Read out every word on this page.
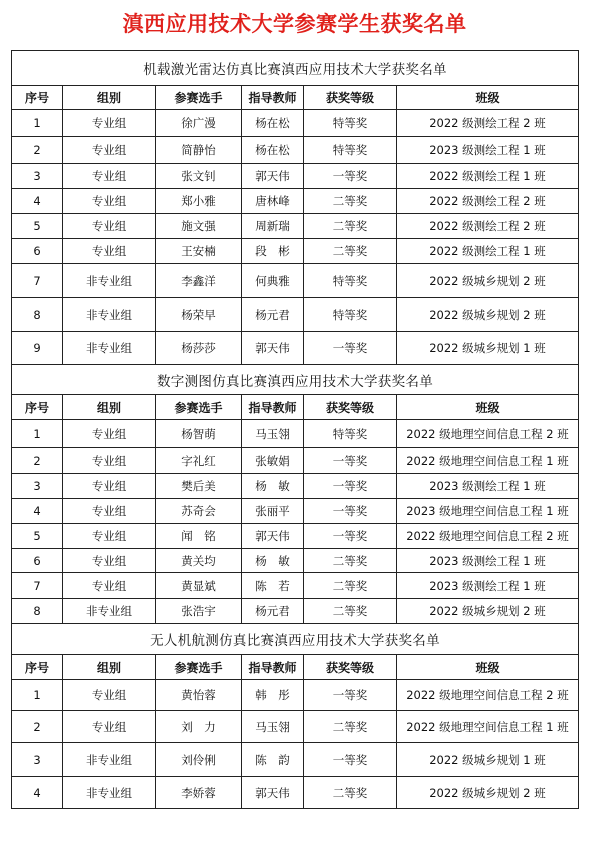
滇西应用技术大学参赛学生获奖名单
机载激光雷达仿真比赛滇西应用技术大学获奖名单					
序号	组别	参赛选手	指导教师	获奖等级	班级
1	专业组	徐广漫	杨在松	特等奖	2022 级测绘工程 2 班
2	专业组	简静怡	杨在松	特等奖	2023 级测绘工程 1 班
3	专业组	张文钊	郭天伟	一等奖	2022 级测绘工程 1 班
4	专业组	郑小雅	唐林峰	二等奖	2022 级测绘工程 2 班
5	专业组	施文强	周新瑞	二等奖	2022 级测绘工程 2 班
6	专业组	王安楠	段　彬	二等奖	2022 级测绘工程 1 班
7	非专业组	李鑫洋	何典雅	特等奖	2022 级城乡规划 2 班
8	非专业组	杨荣早	杨元君	特等奖	2022 级城乡规划 2 班
9	非专业组	杨莎莎	郭天伟	一等奖	2022 级城乡规划 1 班
数字测图仿真比赛滇西应用技术大学获奖名单					
序号	组别	参赛选手	指导教师	获奖等级	班级
1	专业组	杨智萌	马玉翎	特等奖	2022 级地理空间信息工程 2 班
2	专业组	字礼红	张敏娟	一等奖	2022 级地理空间信息工程 1 班
3	专业组	樊后美	杨　敏	一等奖	2023 级测绘工程 1 班
4	专业组	苏奇会	张丽平	一等奖	2023 级地理空间信息工程 1 班
5	专业组	闻　铭	郭天伟	一等奖	2022 级地理空间信息工程 2 班
6	专业组	黄关均	杨　敏	二等奖	2023 级测绘工程 1 班
7	专业组	黄显斌	陈　若	二等奖	2023 级测绘工程 1 班
8	非专业组	张浩宇	杨元君	二等奖	2022 级城乡规划 2 班
无人机航测仿真比赛滇西应用技术大学获奖名单					
序号	组别	参赛选手	指导教师	获奖等级	班级
1	专业组	黄怡蓉	韩　彤	一等奖	2022 级地理空间信息工程 2 班
2	专业组	刘　力	马玉翎	二等奖	2022 级地理空间信息工程 1 班
3	非专业组	刘伶俐	陈　韵	一等奖	2022 级城乡规划 1 班
4	非专业组	李娇蓉	郭天伟	二等奖	2022 级城乡规划 2 班
